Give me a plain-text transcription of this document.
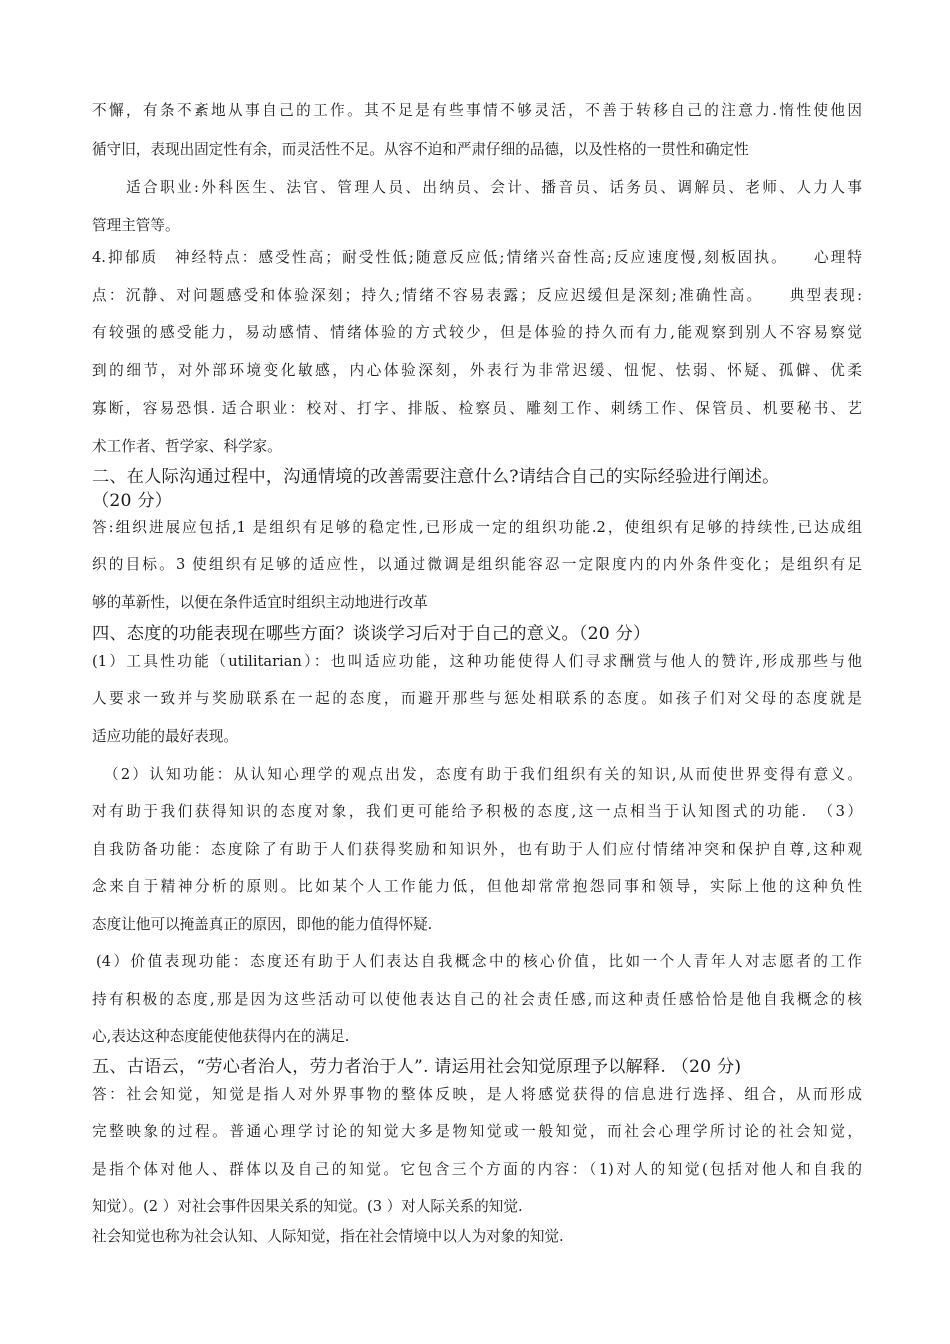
不懈，有条不紊地从事自己的工作。其不足是有些事情不够灵活，不善于转移自己的注意力.惰性使他因
循守旧，表现出固定性有余，而灵活性不足。从容不迫和严肃仔细的品德，以及性格的一贯性和确定性
适合职业:外科医生、法官、管理人员、出纳员、会计、播音员、话务员、调解员、老师、人力人事
管理主管等。
4.抑郁质　神经特点：感受性高；耐受性低;随意反应低;情绪兴奋性高;反应速度慢,刻板固执。　　心理特
点：沉静、对问题感受和体验深刻；持久;情绪不容易表露；反应迟缓但是深刻;准确性高。　　典型表现:
有较强的感受能力，易动感情、情绪体验的方式较少，但是体验的持久而有力,能观察到别人不容易察觉
到的细节，对外部环境变化敏感，内心体验深刻，外表行为非常迟缓、忸怩、怯弱、怀疑、孤僻、优柔
寡断，容易恐惧. 适合职业：校对、打字、排版、检察员、雕刻工作、刺绣工作、保管员、机要秘书、艺
术工作者、哲学家、科学家。
二、在人际沟通过程中，沟通情境的改善需要注意什么?请结合自己的实际经验进行阐述。
（20 分）
答:组织进展应包括,1 是组织有足够的稳定性,已形成一定的组织功能.2，使组织有足够的持续性,已达成组
织的目标。3 使组织有足够的适应性，以通过微调是组织能容忍一定限度内的内外条件变化；是组织有足
够的革新性，以便在条件适宜时组织主动地进行改革
四、态度的功能表现在哪些方面？谈谈学习后对于自己的意义。（20 分）
(1）工具性功能（utilitarian）：也叫适应功能，这种功能使得人们寻求酬赏与他人的赞许,形成那些与他
人要求一致并与奖励联系在一起的态度，而避开那些与惩处相联系的态度。如孩子们对父母的态度就是
适应功能的最好表现。
（2）认知功能：从认知心理学的观点出发，态度有助于我们组织有关的知识,从而使世界变得有意义。
对有助于我们获得知识的态度对象，我们更可能给予积极的态度,这一点相当于认知图式的功能.　（3）
自我防备功能：态度除了有助于人们获得奖励和知识外，也有助于人们应付情绪冲突和保护自尊,这种观
念来自于精神分析的原则。比如某个人工作能力低，但他却常常抱怨同事和领导，实际上他的这种负性
态度让他可以掩盖真正的原因，即他的能力值得怀疑.
(4）价值表现功能：态度还有助于人们表达自我概念中的核心价值，比如一个人青年人对志愿者的工作
持有积极的态度,那是因为这些活动可以使他表达自己的社会责任感,而这种责任感恰恰是他自我概念的核
心,表达这种态度能使他获得内在的满足.
五、古语云，“劳心者治人，劳力者治于人”. 请运用社会知觉原理予以解释. （20 分)
答：社会知觉，知觉是指人对外界事物的整体反映，是人将感觉获得的信息进行选择、组合，从而形成
完整映象的过程。普通心理学讨论的知觉大多是物知觉或一般知觉，而社会心理学所讨论的社会知觉，
是指个体对他人、群体以及自己的知觉。它包含三个方面的内容：（1)对人的知觉(包括对他人和自我的
知觉）。(2 ）对社会事件因果关系的知觉。(3 ）对人际关系的知觉.
社会知觉也称为社会认知、人际知觉，指在社会情境中以人为对象的知觉.
